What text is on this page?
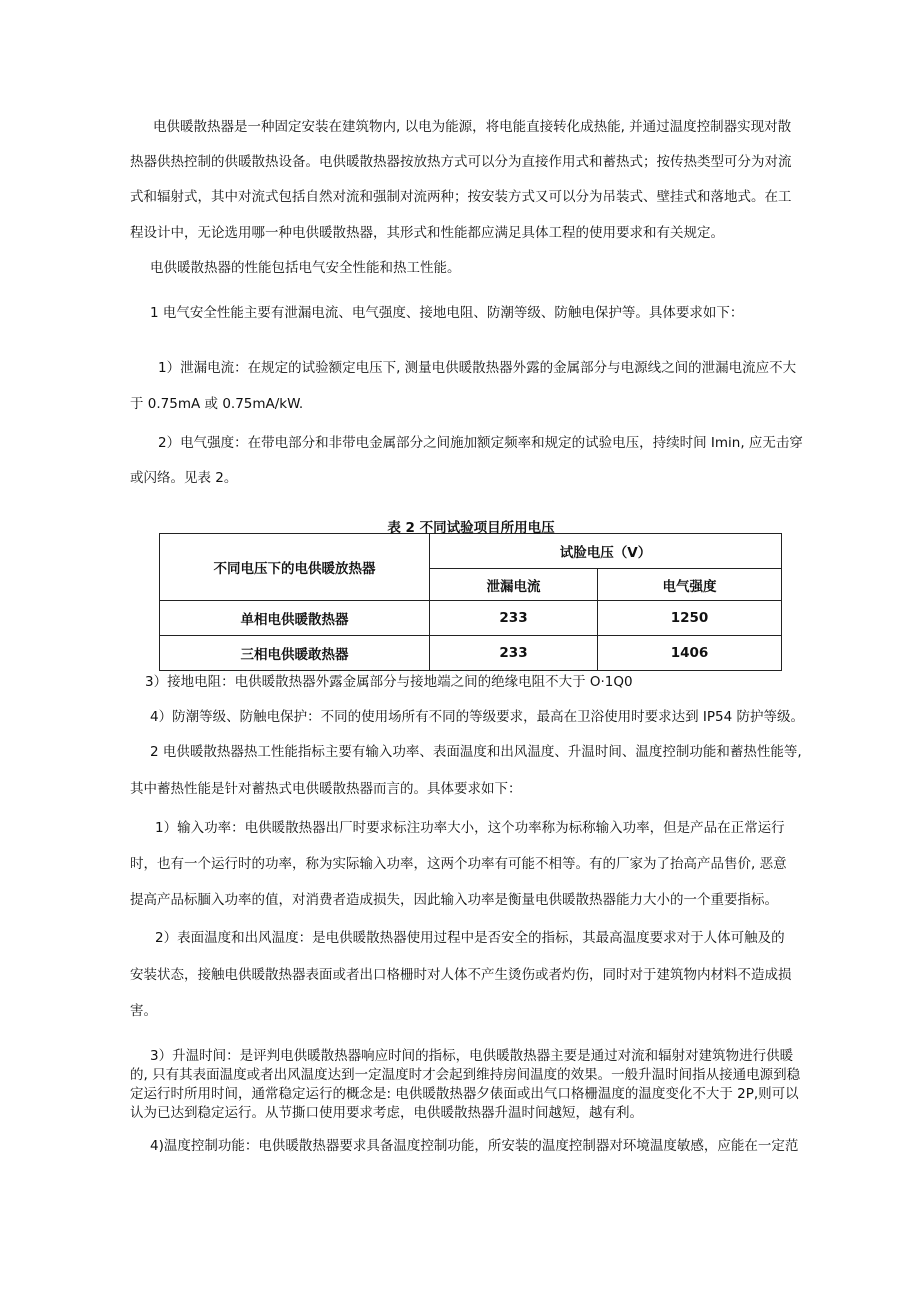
电供暖散热器是一种固定安装在建筑物内, 以电为能源，将电能直接转化成热能, 并通过温度控制器实现对散

热器供热控制的供暖散热设备。电供暖散热器按放热方式可以分为直接作用式和蓄热式；按传热类型可分为对流

式和辐射式，其中对流式包括自然对流和强制对流两种；按安装方式又可以分为吊装式、壁挂式和落地式。在工

程设计中，无论选用哪一种电供暖散热器，其形式和性能都应满足具体工程的使用要求和有关规定。

电供暖散热器的性能包括电气安全性能和热工性能。

1 电气安全性能主要有泄漏电流、电气强度、接地电阻、防潮等级、防触电保护等。具体要求如下：

1）泄漏电流：在规定的试验额定电压下, 测量电供暖散热器外露的金属部分与电源线之间的泄漏电流应不大

于 0.75mA 或 0.75mA/kW.

2）电气强度：在带电部分和非带电金属部分之间施加额定频率和规定的试验电压，持续时间 Imin, 应无击穿

或闪络。见表 2。

表 2 不同试验项目所用电压
不同电压下的电供暖放热器	试脸电压（V）	
	泄漏电流	电气强度
单相电供暖散热器	233	1250
三相电供暖敢热器	233	1406

3）接地电阻：电供暖散热器外露金属部分与接地端之间的绝缘电阻不大于 O·1Q0

4）防潮等级、防触电保护：不同的使用场所有不同的等级要求，最高在卫浴使用时要求达到 IP54 防护等级。

2 电供暖散热器热工性能指标主要有输入功率、表面温度和出风温度、升温时间、温度控制功能和蓄热性能等,

其中蓄热性能是针对蓄热式电供暖散热器而言的。具体要求如下：

1）输入功率：电供暖散热器出厂时要求标注功率大小，这个功率称为标称输入功率，但是产品在正常运行

时，也有一个运行时的功率，称为实际输入功率，这两个功率有可能不相等。有的厂家为了抬高产品售价, 恶意

提高产品标腼入功率的值，对消费者造成损失，因此输入功率是衡量电供暖散热器能力大小的一个重要指标。

2）表面温度和出风温度：是电供暖散热器使用过程中是否安全的指标，其最高温度要求对于人体可触及的

安装状态，接触电供暖散热器表面或者出口格栅时对人体不产生烫伤或者灼伤，同时对于建筑物内材料不造成损

害。

3）升温时间：是评判电供暖散热器响应时间的指标，电供暖散热器主要是通过对流和辐射对建筑物进行供暖

的, 只有其表面温度或者出风温度达到一定温度时才会起到维持房间温度的效果。一般升温时间指从接通电源到稳

定运行时所用时间，通常稳定运行的概念是: 电供暖散热器夕俵面或出气口格栅温度的温度变化不大于 2P,则可以

认为已达到稳定运行。从节撕口使用要求考虑，电供暖散热器升温时间越短，越有利。

4)温度控制功能：电供暖散热器要求具备温度控制功能，所安装的温度控制器对环境温度敏感，应能在一定范
